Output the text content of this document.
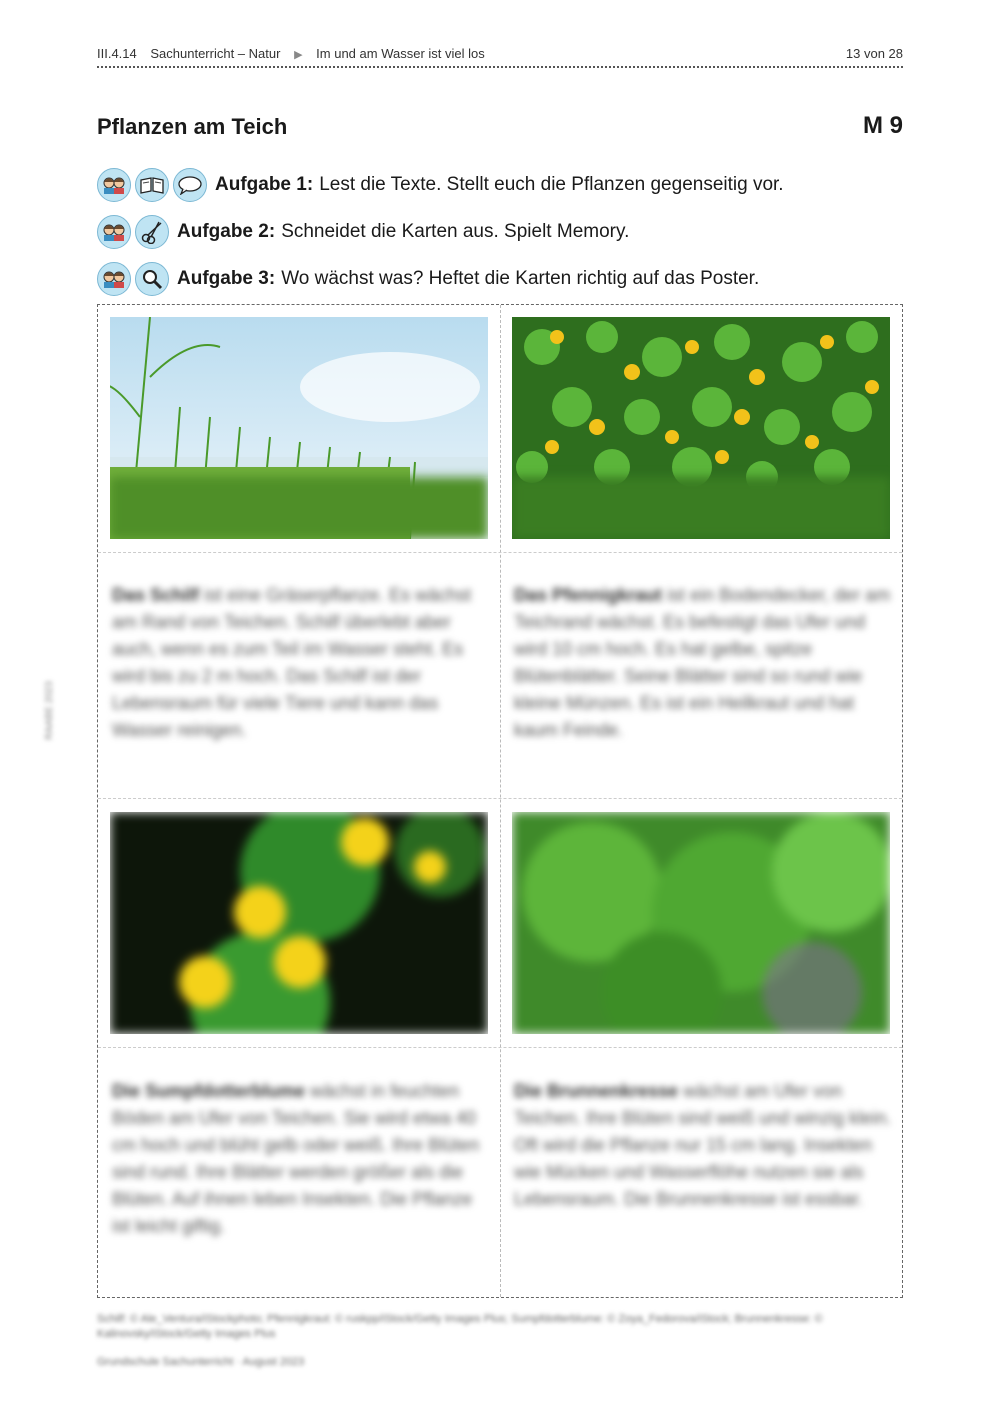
III.4.14 Sachunterricht – Natur ▶ Im und am Wasser ist viel los	13 von 28
Pflanzen am Teich	M 9
Aufgabe 1: Lest die Texte. Stellt euch die Pflanzen gegenseitig vor.
Aufgabe 2: Schneidet die Karten aus. Spielt Memory.
Aufgabe 3: Wo wächst was? Heftet die Karten richtig auf das Poster.
Das Schilf ist eine Gräserpflanze. Es wächst am Rand von Teichen. Schilf überlebt aber auch, wenn es zum Teil im Wasser steht. Es wird bis zu 2 m hoch. Das Schilf ist der Lebensraum für viele Tiere und kann das Wasser reinigen.
Das Pfennigkraut ist ein Bodendecker, der am Teichrand wächst. Es befestigt das Ufer und wird 10 cm hoch. Es hat gelbe, spitze Blütenblätter. Seine Blätter sind so rund wie kleine Münzen. Es ist ein Heilkraut und hat kaum Feinde.
Die Sumpfdotterblume wächst in feuchten Böden am Ufer von Teichen. Sie wird etwa 40 cm hoch und blüht gelb oder weiß. Ihre Blüten sind rund. Ihre Blätter werden größer als die Blüten. Auf ihnen leben Insekten. Die Pflanze ist leicht giftig.
Die Brunnenkresse wächst am Ufer von Teichen. Ihre Blüten sind weiß und winzig klein. Oft wird die Pflanze nur 15 cm lang. Insekten wie Mücken und Wasserflöhe nutzen sie als Lebensraum. Die Brunnenkresse ist essbar.
Schilf: © Ale_Ventura/iStockphoto; Pfennigkraut: © ruskpp/iStock/Getty Images Plus; Sumpfdotterblume: © Zoya_Fedorova/iStock; Brunnenkresse: © Kalinovsky/iStock/Getty Images Plus
Grundschule Sachunterricht · August 2023
RAABE 2023
